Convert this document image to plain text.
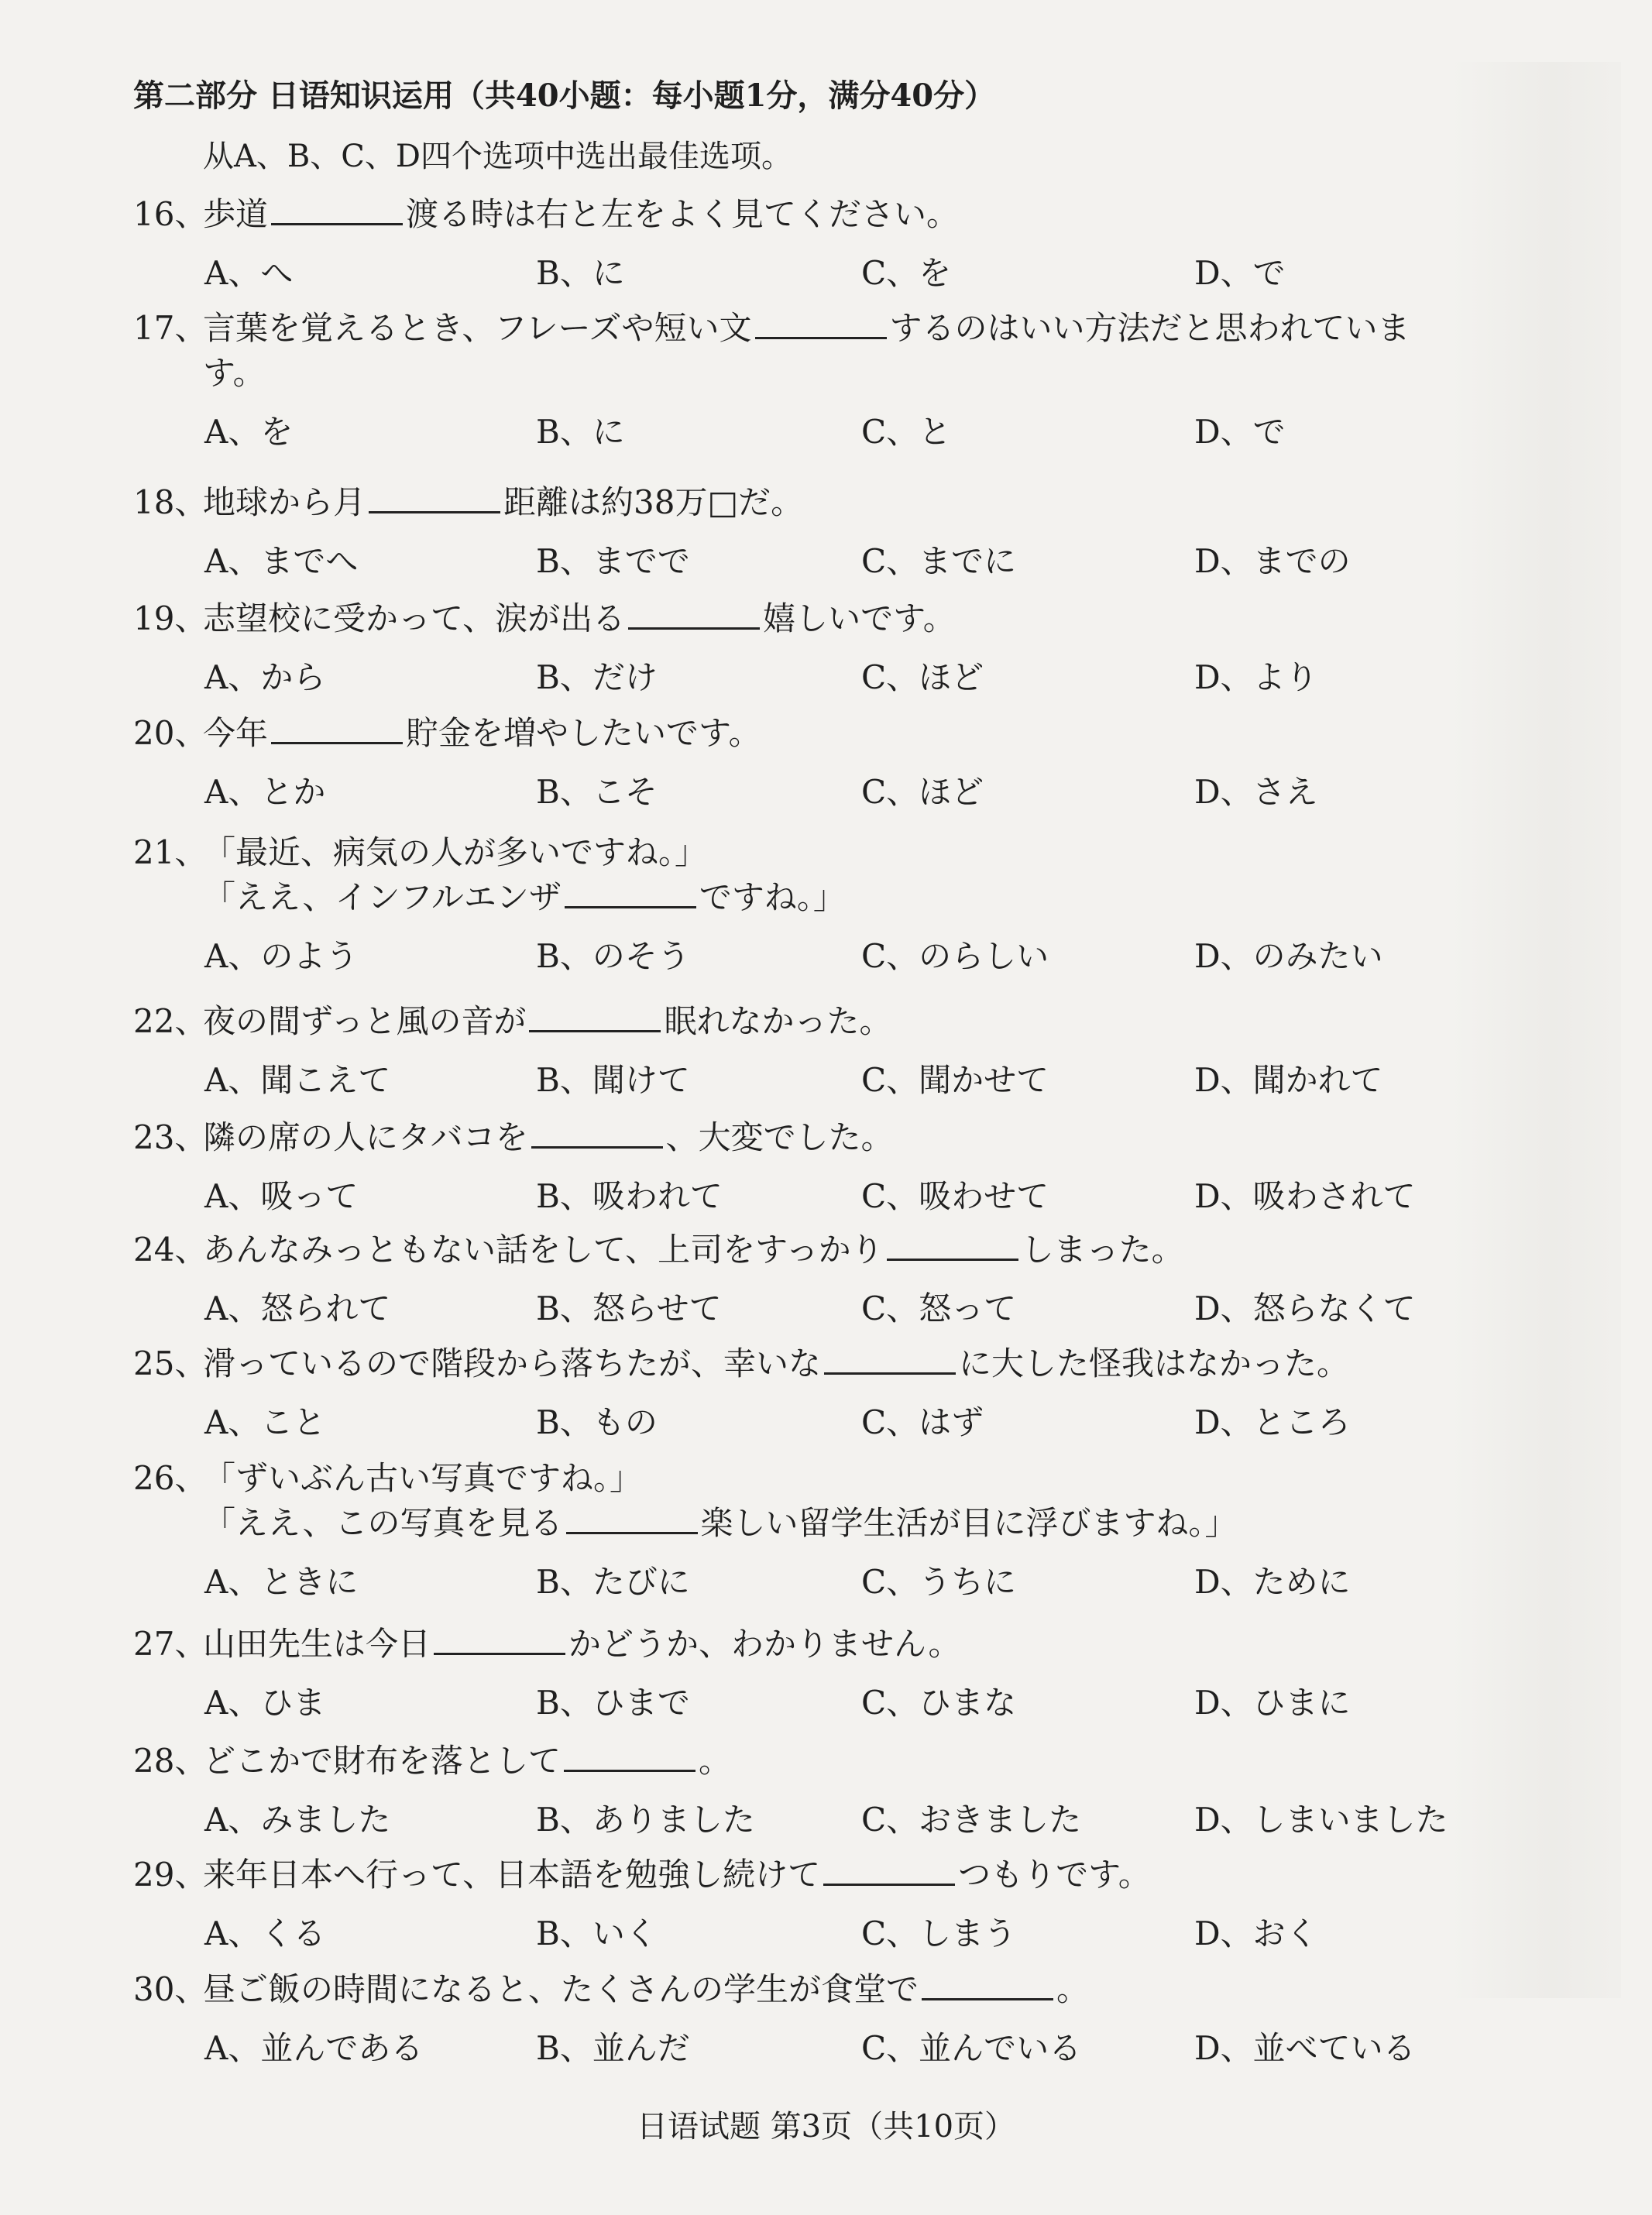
第二部分 日语知识运用（共40小题：每小题1分，满分40分）
从A、B、C、D四个选项中选出最佳选项。
16、歩道	渡る時は右と左をよく見てください。
A、へ	B、に	C、を	D、で
17、言葉を覚えるとき、フレーズや短い文	するのはいい方法だと思われていま
す。
A、を	B、に	C、と	D、で
18、地球から月	距離は約38万□だ。
A、までへ	B、までで	C、までに	D、までの
19、志望校に受かって、涙が出る	嬉しいです。
A、から	B、だけ	C、ほど	D、より
20、今年	貯金を増やしたいです。
A、とか	B、こそ	C、ほど	D、さえ
21、「最近、病気の人が多いですね。」
「ええ、インフルエンザ	ですね。」
A、のよう	B、のそう	C、のらしい	D、のみたい
22、夜の間ずっと風の音が	眠れなかった。
A、聞こえて	B、聞けて	C、聞かせて	D、聞かれて
23、隣の席の人にタバコを	、大変でした。
A、吸って	B、吸われて	C、吸わせて	D、吸わされて
24、あんなみっともない話をして、上司をすっかり	しまった。
A、怒られて	B、怒らせて	C、怒って	D、怒らなくて
25、滑っているので階段から落ちたが、幸いな	に大した怪我はなかった。
A、こと	B、もの	C、はず	D、ところ
26、「ずいぶん古い写真ですね。」
「ええ、この写真を見る	楽しい留学生活が目に浮びますね。」
A、ときに	B、たびに	C、うちに	D、ために
27、山田先生は今日	かどうか、わかりません。
A、ひま	B、ひまで	C、ひまな	D、ひまに
28、どこかで財布を落として	。
A、みました	B、ありました	C、おきました	D、しまいました
29、来年日本へ行って、日本語を勉強し続けて	つもりです。
A、くる	B、いく	C、しまう	D、おく
30、昼ご飯の時間になると、たくさんの学生が食堂で	。
A、並んである	B、並んだ	C、並んでいる	D、並べている
日语试题 第3页（共10页）
